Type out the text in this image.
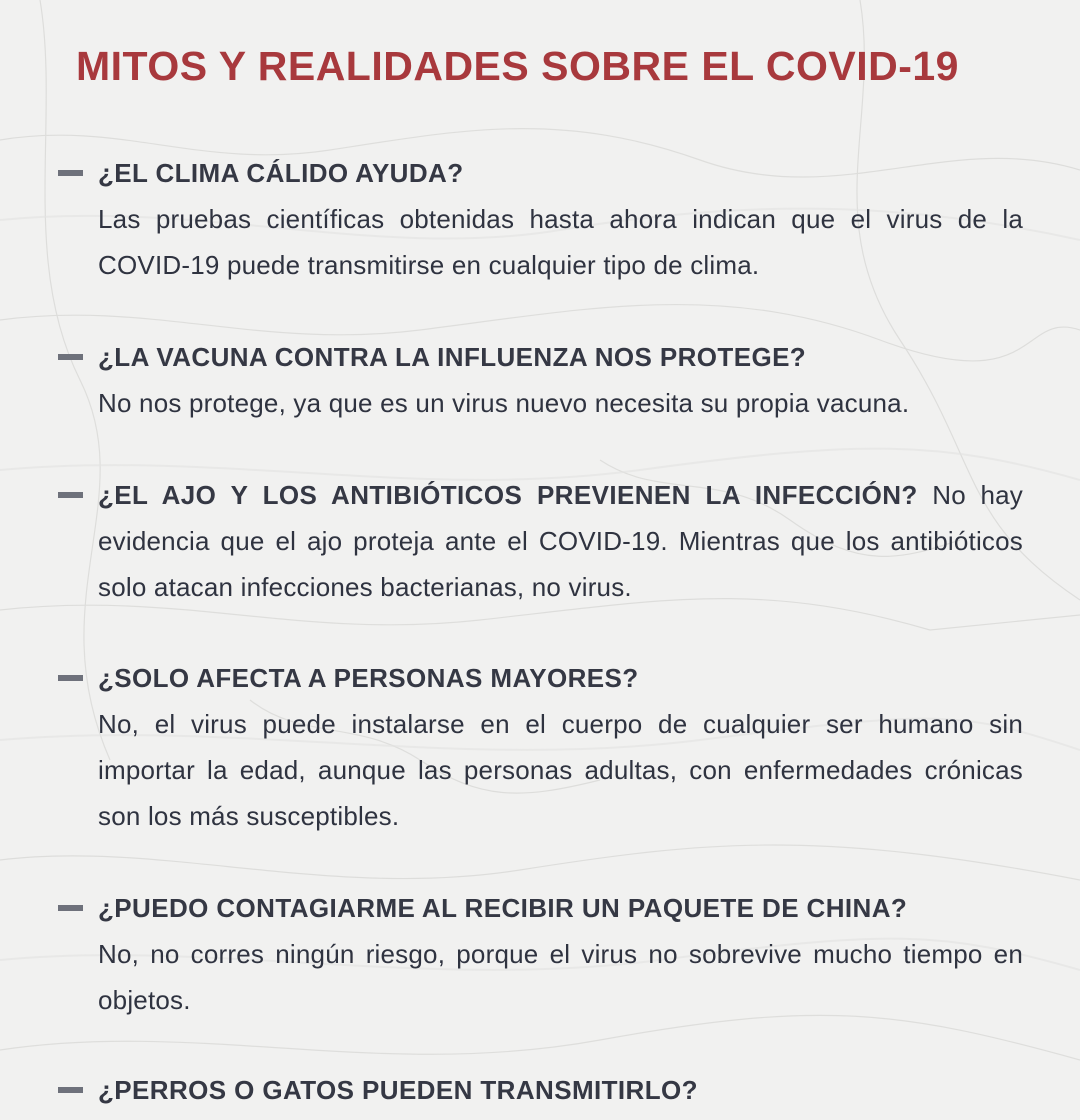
MITOS Y REALIDADES SOBRE EL COVID-19
¿EL CLIMA CÁLIDO AYUDA?
Las pruebas científicas obtenidas hasta ahora indican que el virus de la COVID-19 puede transmitirse en cualquier tipo de clima.
¿LA VACUNA CONTRA LA INFLUENZA NOS PROTEGE?
No nos protege, ya que es un virus nuevo necesita su propia vacuna.
¿EL AJO Y LOS ANTIBIÓTICOS PREVIENEN LA INFECCIÓN? No hay evidencia que el ajo proteja ante el COVID-19. Mientras que los antibióticos solo atacan infecciones bacterianas, no virus.
¿SOLO AFECTA A PERSONAS MAYORES?
No, el virus puede instalarse en el cuerpo de cualquier ser humano sin importar la edad, aunque las personas adultas, con enfermedades crónicas son los más susceptibles.
¿PUEDO CONTAGIARME AL RECIBIR UN PAQUETE DE CHINA?
No, no corres ningún riesgo, porque el virus no sobrevive mucho tiempo en objetos.
¿PERROS O GATOS PUEDEN TRANSMITIRLO?
